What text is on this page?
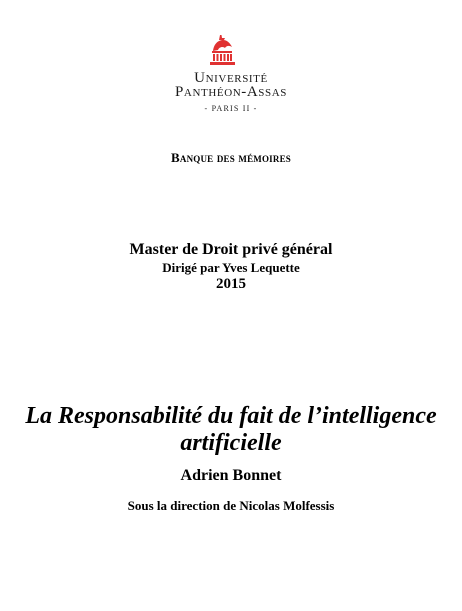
Université
Panthéon-Assas
- PARIS II -
Banque des mémoires
Master de Droit privé général
Dirigé par Yves Lequette
2015
La Responsabilité du fait de l’intelligence
artificielle
Adrien Bonnet
Sous la direction de Nicolas Molfessis
